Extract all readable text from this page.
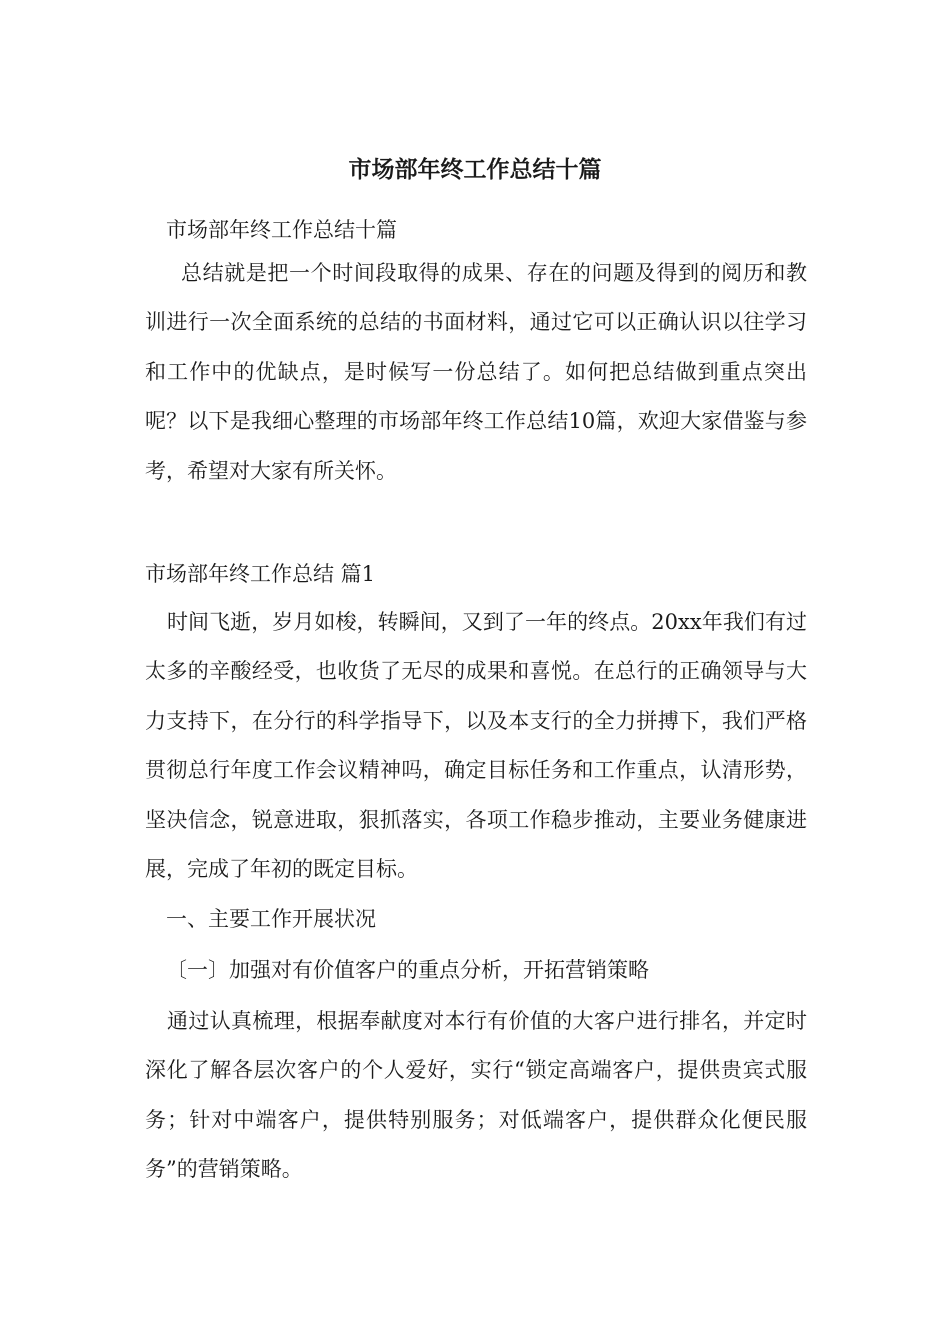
市场部年终工作总结十篇
市场部年终工作总结十篇
总结就是把一个时间段取得的成果、存在的问题及得到的阅历和教训进行一次全面系统的总结的书面材料，通过它可以正确认识以往学习和工作中的优缺点，是时候写一份总结了。如何把总结做到重点突出呢？以下是我细心整理的市场部年终工作总结10篇，欢迎大家借鉴与参考，希望对大家有所关怀。
市场部年终工作总结 篇1
时间飞逝，岁月如梭，转瞬间，又到了一年的终点。20xx年我们有过太多的辛酸经受，也收货了无尽的成果和喜悦。在总行的正确领导与大力支持下，在分行的科学指导下，以及本支行的全力拼搏下，我们严格贯彻总行年度工作会议精神吗，确定目标任务和工作重点，认清形势，坚决信念，锐意进取，狠抓落实，各项工作稳步推动，主要业务健康进展，完成了年初的既定目标。
一、主要工作开展状况
〔一〕加强对有价值客户的重点分析，开拓营销策略
通过认真梳理，根据奉献度对本行有价值的大客户进行排名，并定时深化了解各层次客户的个人爱好，实行“锁定高端客户，提供贵宾式服务；针对中端客户，提供特别服务；对低端客户，提供群众化便民服务”的营销策略。
